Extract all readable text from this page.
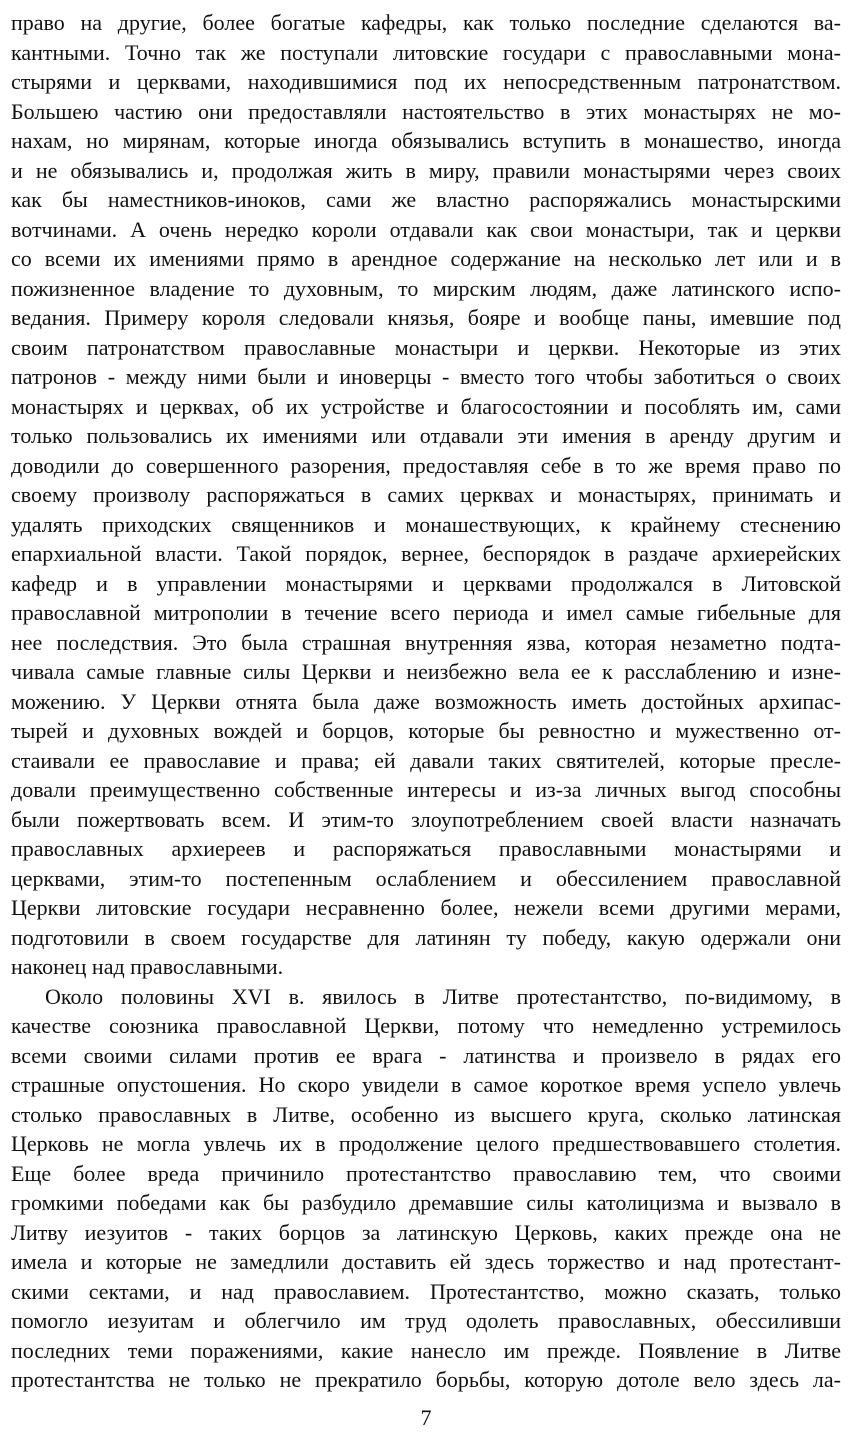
право на другие, более богатые кафедры, как только последние сделаются ва-
кантными. Точно так же поступали литовские государи с православными мона-
стырями и церквами, находившимися под их непосредственным патронатством.
Большею частию они предоставляли настоятельство в этих монастырях не мо-
нахам, но мирянам, которые иногда обязывались вступить в монашество, иногда
и не обязывались и, продолжая жить в миру, правили монастырями через своих
как бы наместников-иноков, сами же властно распоряжались монастырскими
вотчинами. А очень нередко короли отдавали как свои монастыри, так и церкви
со всеми их имениями прямо в арендное содержание на несколько лет или и в
пожизненное владение то духовным, то мирским людям, даже латинского испо-
ведания. Примеру короля следовали князья, бояре и вообще паны, имевшие под
своим патронатством православные монастыри и церкви. Некоторые из этих
патронов - между ними были и иноверцы - вместо того чтобы заботиться о своих
монастырях и церквах, об их устройстве и благосостоянии и пособлять им, сами
только пользовались их имениями или отдавали эти имения в аренду другим и
доводили до совершенного разорения, предоставляя себе в то же время право по
своему произволу распоряжаться в самих церквах и монастырях, принимать и
удалять приходских священников и монашествующих, к крайнему стеснению
епархиальной власти. Такой порядок, вернее, беспорядок в раздаче архиерейских
кафедр и в управлении монастырями и церквами продолжался в Литовской
православной митрополии в течение всего периода и имел самые гибельные для
нее последствия. Это была страшная внутренняя язва, которая незаметно подта-
чивала самые главные силы Церкви и неизбежно вела ее к расслаблению и изне-
можению. У Церкви отнята была даже возможность иметь достойных архипас-
тырей и духовных вождей и борцов, которые бы ревностно и мужественно от-
стаивали ее православие и права; ей давали таких святителей, которые пресле-
довали преимущественно собственные интересы и из-за личных выгод способны
были пожертвовать всем. И этим-то злоупотреблением своей власти назначать
православных архиереев и распоряжаться православными монастырями и
церквами, этим-то постепенным ослаблением и обессилением православной
Церкви литовские государи несравненно более, нежели всеми другими мерами,
подготовили в своем государстве для латинян ту победу, какую одержали они
наконец над православными.
Около половины XVI в. явилось в Литве протестантство, по-видимому, в
качестве союзника православной Церкви, потому что немедленно устремилось
всеми своими силами против ее врага - латинства и произвело в рядах его
страшные опустошения. Но скоро увидели в самое короткое время успело увлечь
столько православных в Литве, особенно из высшего круга, сколько латинская
Церковь не могла увлечь их в продолжение целого предшествовавшего столетия.
Еще более вреда причинило протестантство православию тем, что своими
громкими победами как бы разбудило дремавшие силы католицизма и вызвало в
Литву иезуитов - таких борцов за латинскую Церковь, каких прежде она не
имела и которые не замедлили доставить ей здесь торжество и над протестант-
скими сектами, и над православием. Протестантство, можно сказать, только
помогло иезуитам и облегчило им труд одолеть православных, обессиливши
последних теми поражениями, какие нанесло им прежде. Появление в Литве
протестантства не только не прекратило борьбы, которую дотоле вело здесь ла-
7
